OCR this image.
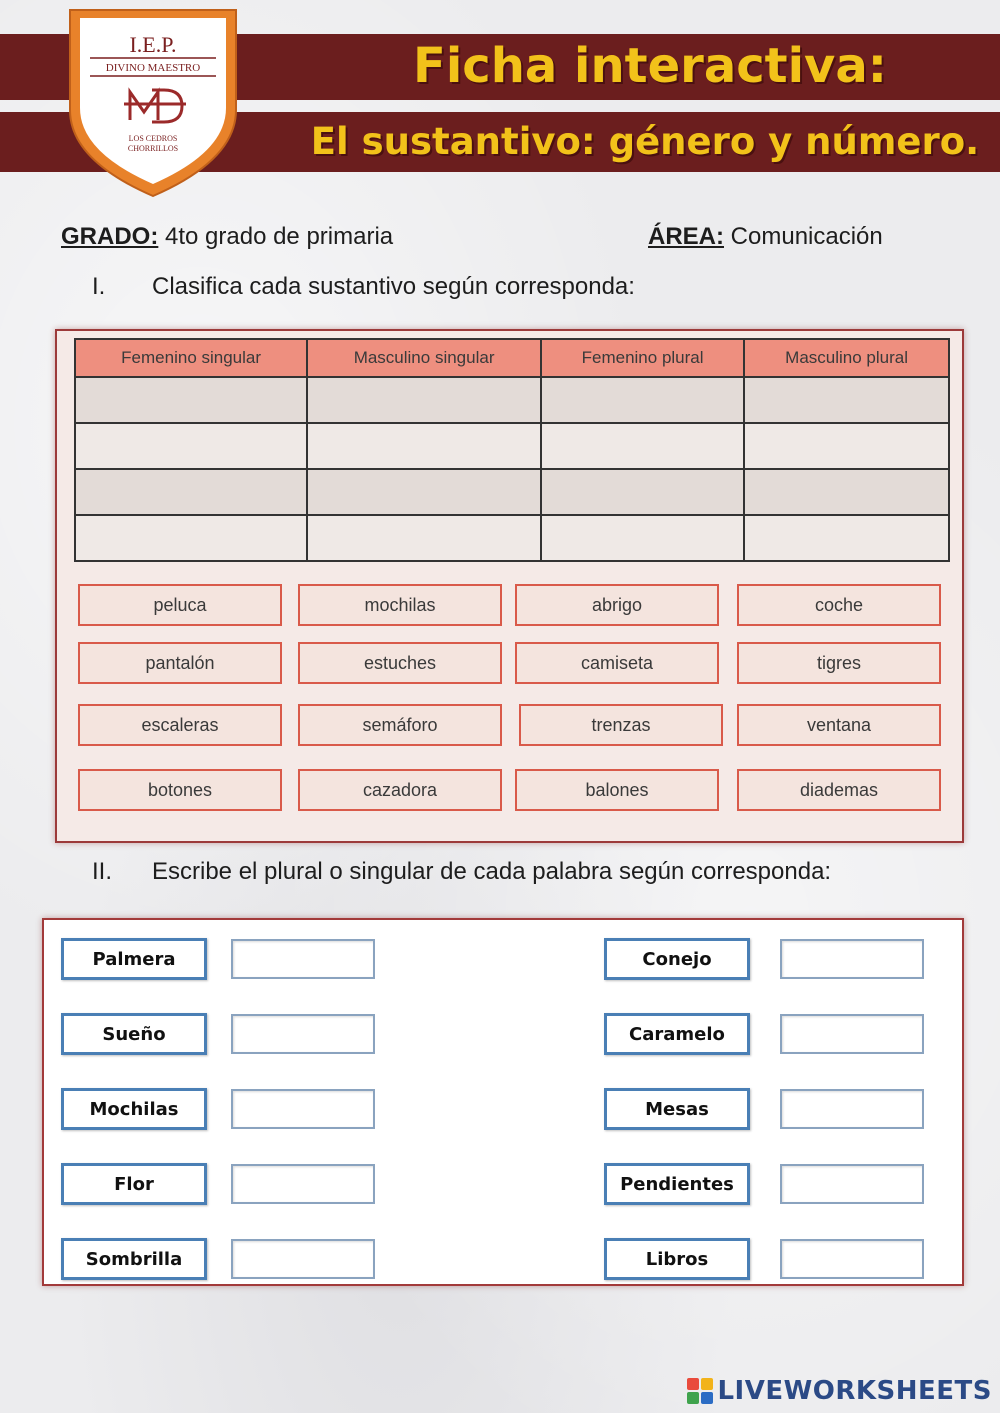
Ficha interactiva:
El sustantivo: género y número.
I.E.P.
DIVINO MAESTRO
LOS CEDROS
CHORRILLOS
GRADO: 4to grado de primaria	ÁREA: Comunicación
I. Clasifica cada sustantivo según corresponda:
Femenino singular	Masculino singular	Femenino plural	Masculino plural

peluca	mochilas	abrigo	coche
pantalón	estuches	camiseta	tigres
escaleras	semáforo	trenzas	ventana
botones	cazadora	balones	diademas
II. Escribe el plural o singular de cada palabra según corresponda:
Palmera
Sueño
Mochilas
Flor
Sombrilla
Conejo
Caramelo
Mesas
Pendientes
Libros
LIVEWORKSHEETS
